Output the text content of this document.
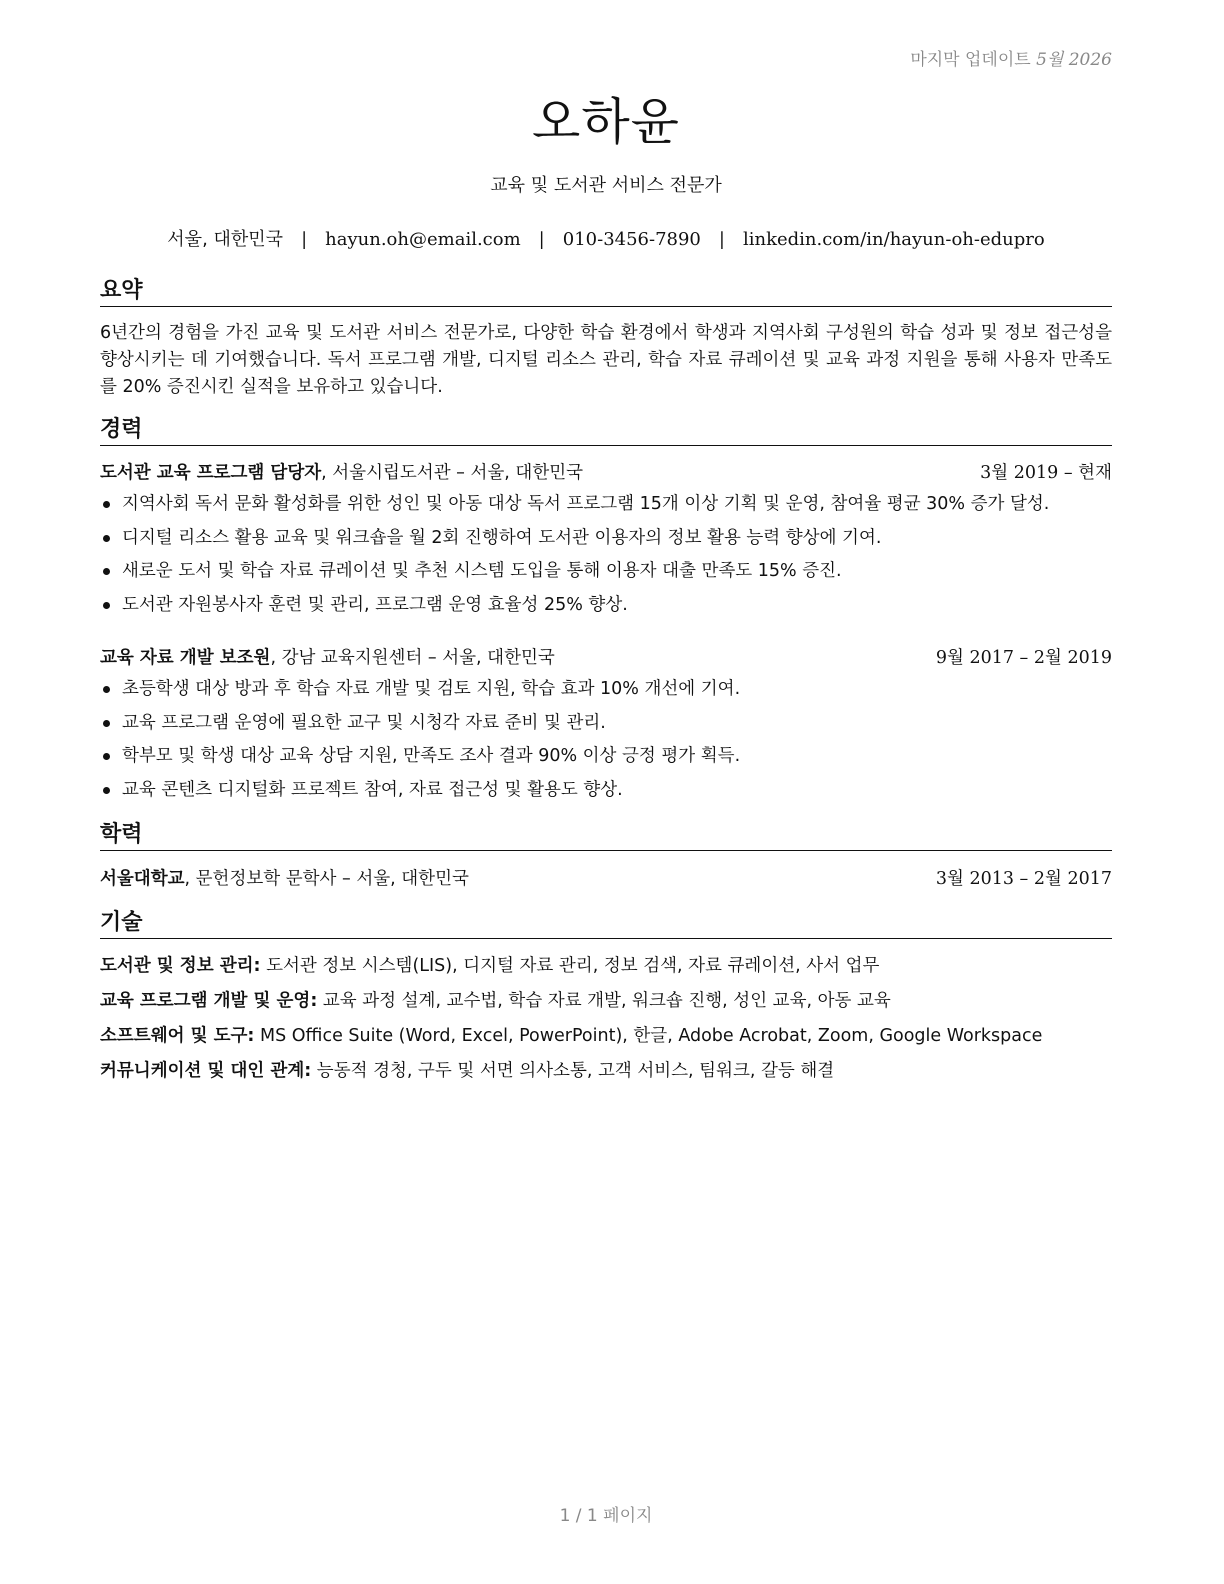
마지막 업데이트 5월 2026
오하윤
교육 및 도서관 서비스 전문가
서울, 대한민국 | hayun.oh@email.com | 010-3456-7890 | linkedin.com/in/hayun-oh-edupro
요약

6년간의 경험을 가진 교육 및 도서관 서비스 전문가로, 다양한 학습 환경에서 학생과 지역사회 구성원의 학습 성과 및 정보 접근성을 향상시키는 데 기여했습니다. 독서 프로그램 개발, 디지털 리소스 관리, 학습 자료 큐레이션 및 교육 과정 지원을 통해 사용자 만족도를 20% 증진시킨 실적을 보유하고 있습니다.

경력
도서관 교육 프로그램 담당자, 서울시립도서관 – 서울, 대한민국	3월 2019 – 현재
지역사회 독서 문화 활성화를 위한 성인 및 아동 대상 독서 프로그램 15개 이상 기획 및 운영, 참여율 평균 30% 증가 달성.
디지털 리소스 활용 교육 및 워크숍을 월 2회 진행하여 도서관 이용자의 정보 활용 능력 향상에 기여.
새로운 도서 및 학습 자료 큐레이션 및 추천 시스템 도입을 통해 이용자 대출 만족도 15% 증진.
도서관 자원봉사자 훈련 및 관리, 프로그램 운영 효율성 25% 향상.
교육 자료 개발 보조원, 강남 교육지원센터 – 서울, 대한민국	9월 2017 – 2월 2019
초등학생 대상 방과 후 학습 자료 개발 및 검토 지원, 학습 효과 10% 개선에 기여.
교육 프로그램 운영에 필요한 교구 및 시청각 자료 준비 및 관리.
학부모 및 학생 대상 교육 상담 지원, 만족도 조사 결과 90% 이상 긍정 평가 획득.
교육 콘텐츠 디지털화 프로젝트 참여, 자료 접근성 및 활용도 향상.
학력
서울대학교, 문헌정보학 문학사 – 서울, 대한민국	3월 2013 – 2월 2017
기술
도서관 및 정보 관리: 도서관 정보 시스템(LIS), 디지털 자료 관리, 정보 검색, 자료 큐레이션, 사서 업무
교육 프로그램 개발 및 운영: 교육 과정 설계, 교수법, 학습 자료 개발, 워크숍 진행, 성인 교육, 아동 교육
소프트웨어 및 도구: MS Office Suite (Word, Excel, PowerPoint), 한글, Adobe Acrobat, Zoom, Google Workspace
커뮤니케이션 및 대인 관계: 능동적 경청, 구두 및 서면 의사소통, 고객 서비스, 팀워크, 갈등 해결
1 / 1 페이지
